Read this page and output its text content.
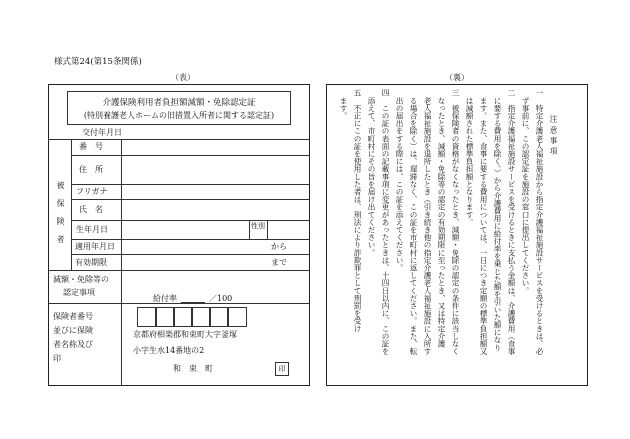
様式第24(第15条関係)
（表）	（裏）
介護保険利用者負担額減額・免除認定証
(特別養護老人ホームの旧措置入所者に関する認定証)
交付年月日
被保険者
番　号
住　所
フリガナ
氏　名
生年月日	性別
適用年月日	から
有効期限	まで
減額・免除等の
認定事項
給付率	／100
保険者番号
並びに保険
者名称及び
印
京都府相楽郡和束町大字釜塚
小字生水14番地の2
和　束　町	印
注意事項
一　特定介護老人福祉施設から指定介護福祉施設サービスを受けるときは、必
　ず事前に、この認定証を施設の窓口に提出してください。
二　指定介護福祉施設サービスを受けるときに支払う金額は、介護費用（食事
　に要する費用を除く。）から介護費用に給付率を乗じた額を引いた額になり
　ます。また、食事に要する費用については、一日につき定額の標準負担額又
　は減額された標準負担額となります。
三　被保険者の資格がなくなったとき、減額・免除の認定の条件に該当しなく
　なったとき、減額・免除等の認定の有効期限に至ったとき、又は特定介護
　老人福祉施設を退所したとき（引き続き他の指定介護老人福祉施設に入所す
　る場合を除く）は、遅滞なく、この証を市町村に返してください。また、転
　出の届出をする際には、この証を添えてください。
四　この証の表面の記載事項に変更があったときは、十四日以内に、この証を
　添えて、市町村にその旨を届け出てください。
五　不正にこの証を使用した者は、刑法により詐欺罪として刑罰を受け
　ます。
